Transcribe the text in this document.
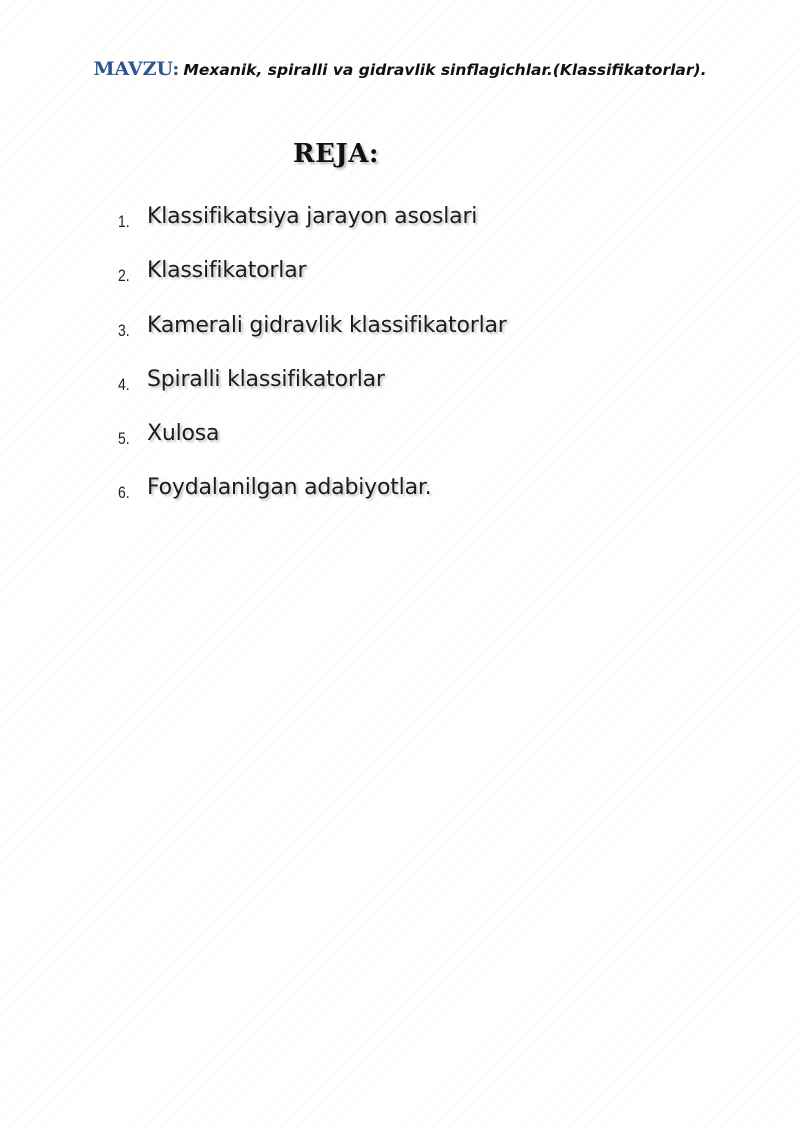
MAVZU: Mexanik, spiralli va gidravlik sinflagichlar.(Klassifikatorlar).
REJA:
1. Klassifikatsiya jarayon asoslari
2. Klassifikatorlar
3. Kamerali gidravlik klassifikatorlar
4. Spiralli klassifikatorlar
5. Xulosa
6. Foydalanilgan adabiyotlar.
